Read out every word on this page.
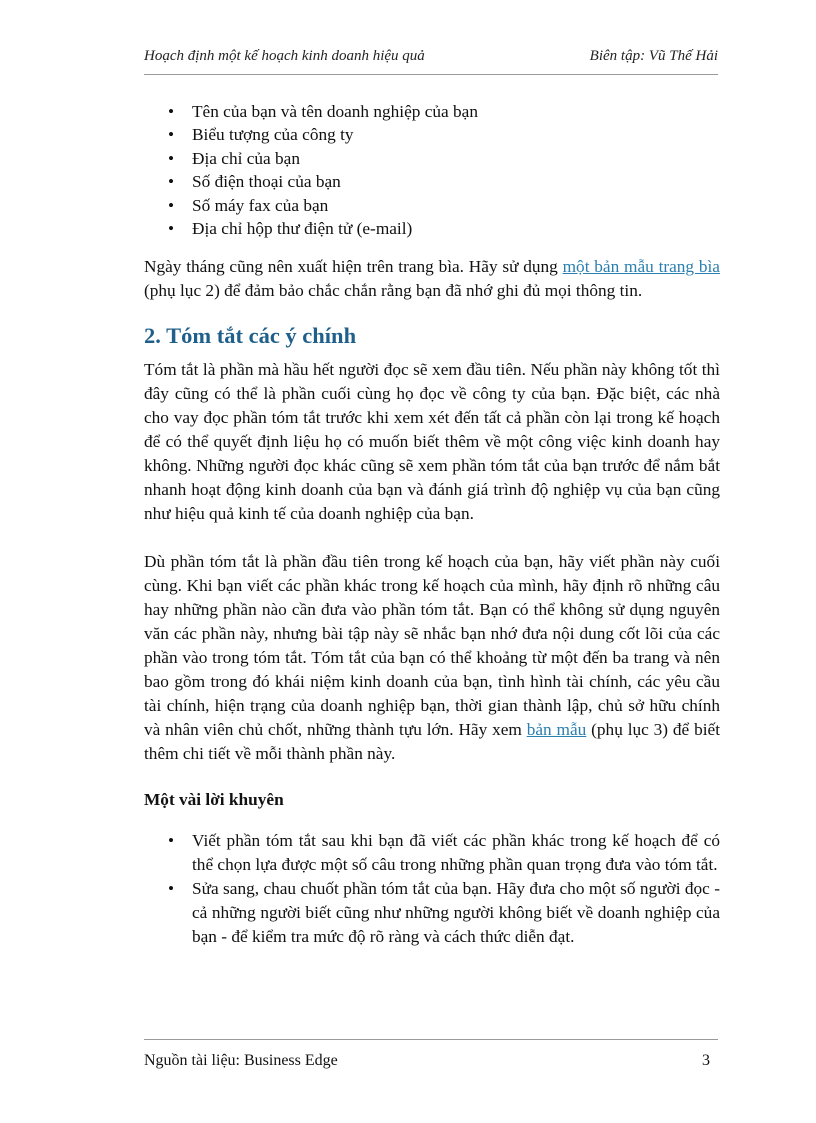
Hoạch định một kế hoạch kinh doanh hiệu quả	Biên tập: Vũ Thế Hải
• Tên của bạn và tên doanh nghiệp của bạn
• Biểu tượng của công ty
• Địa chỉ của bạn
• Số điện thoại của bạn
• Số máy fax của bạn
• Địa chỉ hộp thư điện tử (e-mail)

Ngày tháng cũng nên xuất hiện trên trang bìa. Hãy sử dụng một bản mẫu trang bìa (phụ lục 2) để đảm bảo chắc chắn rằng bạn đã nhớ ghi đủ mọi thông tin.

2. Tóm tắt các ý chính

Tóm tắt là phần mà hầu hết người đọc sẽ xem đầu tiên. Nếu phần này không tốt thì đây cũng có thể là phần cuối cùng họ đọc về công ty của bạn. Đặc biệt, các nhà cho vay đọc phần tóm tắt trước khi xem xét đến tất cả phần còn lại trong kế hoạch để có thể quyết định liệu họ có muốn biết thêm về một công việc kinh doanh hay không. Những người đọc khác cũng sẽ xem phần tóm tắt của bạn trước để nắm bắt nhanh hoạt động kinh doanh của bạn và đánh giá trình độ nghiệp vụ của bạn cũng như hiệu quả kinh tế của doanh nghiệp của bạn.

Dù phần tóm tắt là phần đầu tiên trong kế hoạch của bạn, hãy viết phần này cuối cùng. Khi bạn viết các phần khác trong kế hoạch của mình, hãy định rõ những câu hay những phần nào cần đưa vào phần tóm tắt. Bạn có thể không sử dụng nguyên văn các phần này, nhưng bài tập này sẽ nhắc bạn nhớ đưa nội dung cốt lõi của các phần vào trong tóm tắt. Tóm tắt của bạn có thể khoảng từ một đến ba trang và nên bao gồm trong đó khái niệm kinh doanh của bạn, tình hình tài chính, các yêu cầu tài chính, hiện trạng của doanh nghiệp bạn, thời gian thành lập, chủ sở hữu chính và nhân viên chủ chốt, những thành tựu lớn. Hãy xem bản mẫu (phụ lục 3) để biết thêm chi tiết về mỗi thành phần này.

Một vài lời khuyên
• Viết phần tóm tắt sau khi bạn đã viết các phần khác trong kế hoạch để có thể chọn lựa được một số câu trong những phần quan trọng đưa vào tóm tắt.
• Sửa sang, chau chuốt phần tóm tắt của bạn. Hãy đưa cho một số người đọc - cả những người biết cũng như những người không biết về doanh nghiệp của bạn - để kiểm tra mức độ rõ ràng và cách thức diễn đạt.
Nguồn tài liệu: Business Edge	3
